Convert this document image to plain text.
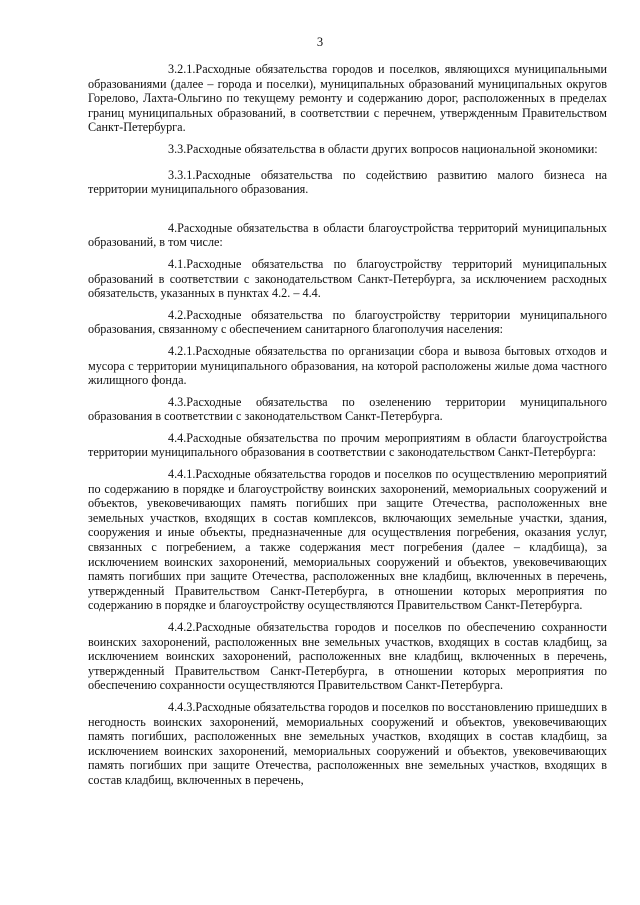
3

3.2.1.Расходные обязательства городов и поселков, являющихся муниципальными образованиями (далее – города и поселки), муниципальных образований муниципальных округов Горелово, Лахта-Ольгино по текущему ремонту и содержанию дорог, расположенных в пределах границ муниципальных образований, в соответствии с перечнем, утвержденным Правительством Санкт-Петербурга.

3.3.Расходные обязательства в области других вопросов национальной экономики:

3.3.1.Расходные обязательства по содействию развитию малого бизнеса на территории муниципального образования.

4.Расходные обязательства в области благоустройства территорий муниципальных образований, в том числе:

4.1.Расходные обязательства по благоустройству территорий муниципальных образований в соответствии с законодательством Санкт-Петербурга, за исключением расходных обязательств, указанных в пунктах 4.2. – 4.4.

4.2.Расходные обязательства по благоустройству территории муниципального образования, связанному с обеспечением санитарного благополучия населения:

4.2.1.Расходные обязательства по организации сбора и вывоза бытовых отходов и мусора с территории муниципального образования, на которой расположены жилые дома частного жилищного фонда.

4.3.Расходные обязательства по озеленению территории муниципального образования в соответствии с законодательством Санкт-Петербурга.

4.4.Расходные обязательства по прочим мероприятиям в области благоустройства территории муниципального образования в соответствии с законодательством Санкт-Петербурга:

4.4.1.Расходные обязательства городов и поселков по осуществлению мероприятий по содержанию в порядке и благоустройству воинских захоронений, мемориальных сооружений и объектов, увековечивающих память погибших при защите Отечества, расположенных вне земельных участков, входящих в состав комплексов, включающих земельные участки, здания, сооружения и иные объекты, предназначенные для осуществления погребения, оказания услуг, связанных с погребением, а также содержания мест погребения (далее – кладбища), за исключением воинских захоронений, мемориальных сооружений и объектов, увековечивающих память погибших при защите Отечества, расположенных вне кладбищ, включенных в перечень, утвержденный Правительством Санкт-Петербурга, в отношении которых мероприятия по содержанию в порядке и благоустройству осуществляются Правительством Санкт-Петербурга.

4.4.2.Расходные обязательства городов и поселков по обеспечению сохранности воинских захоронений, расположенных вне земельных участков, входящих в состав кладбищ, за исключением воинских захоронений, расположенных вне кладбищ, включенных в перечень, утвержденный Правительством Санкт-Петербурга, в отношении которых мероприятия по обеспечению сохранности осуществляются Правительством Санкт-Петербурга.

4.4.3.Расходные обязательства городов и поселков по восстановлению пришедших в негодность воинских захоронений, мемориальных сооружений и объектов, увековечивающих память погибших, расположенных вне земельных участков, входящих в состав кладбищ, за исключением воинских захоронений, мемориальных сооружений и объектов, увековечивающих память погибших при защите Отечества, расположенных вне земельных участков, входящих в состав кладбищ, включенных в перечень,
